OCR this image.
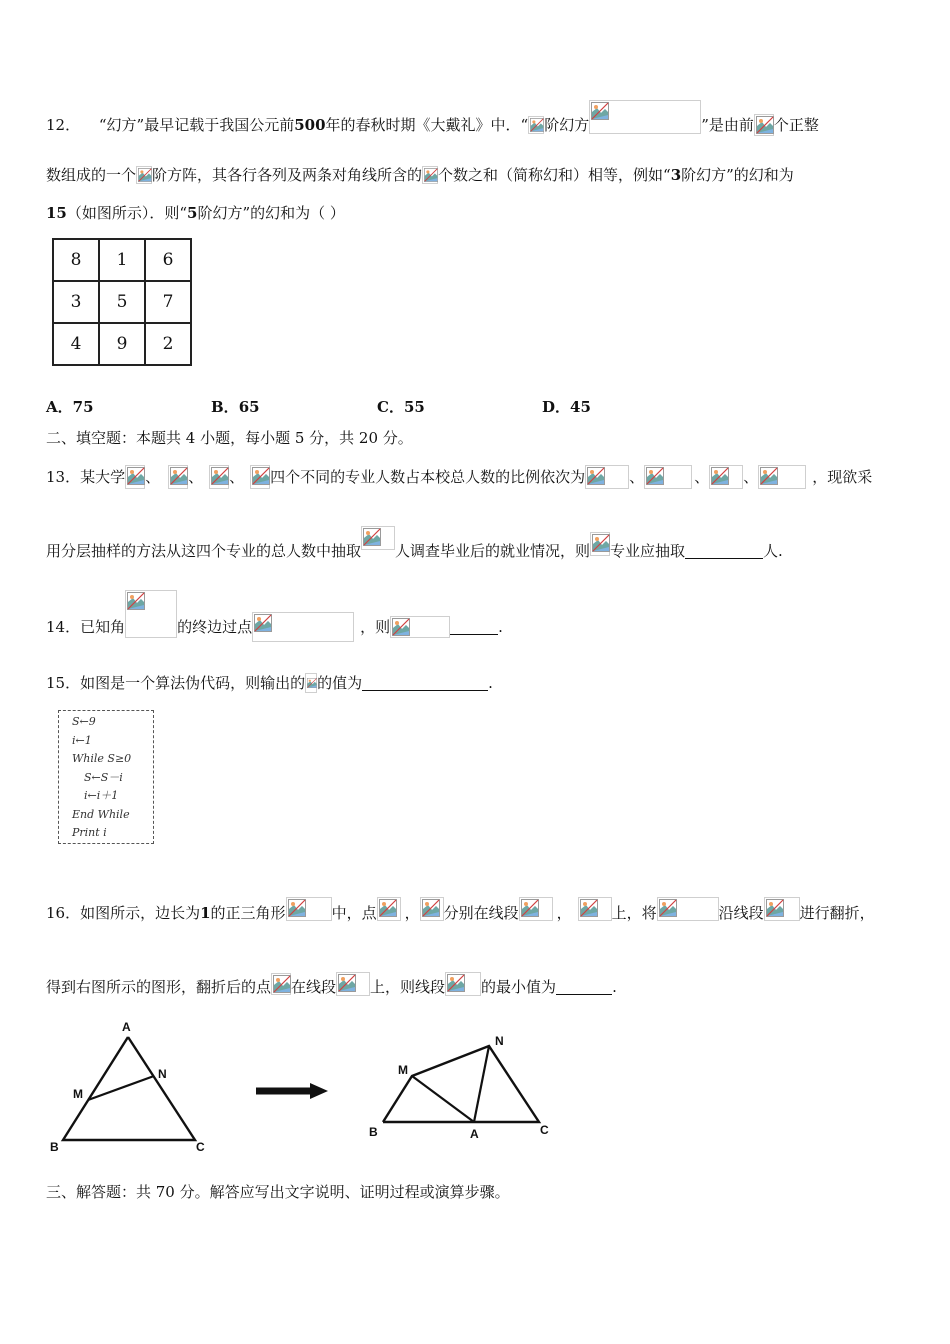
12． “幻方”最早记载于我国公元前500年的春秋时期《大戴礼》中．“ 阶幻方	”是由前 个正整
数组成的一个 阶方阵，其各行各列及两条对角线所含的 个数之和（简称幻和）相等，例如“3阶幻方”的幻和为
15（如图所示）．则“5阶幻方”的幻和为（ ）
8	1	6
3	5	7
4	9	2
A．75	B．65	C．55	D．45
二、填空题：本题共 4 小题，每小题 5 分，共 20 分。
13．某大学 、 、 、 四个不同的专业人数占本校总人数的比例依次为	、	、 、	，现欲采
用分层抽样的方法从这四个专业的总人数中抽取 人调查毕业后的就业情况，则 专业应抽取	人.
14．已知角	的终边过点	，则	.
15．如图是一个算法伪代码，则输出的 的值为	.
S←9
i←1
While S≥0
S←S－i
i←i＋1
End While
Print i
16．如图所示，边长为1的正三角形	中，点 ， 分别在线段	，	上，将	沿线段 进行翻折，
得到右图所示的图形，翻折后的点 在线段 上，则线段 的最小值为	.
A
B	C
M
N
N
M
B	A	C
三、解答题：共 70 分。解答应写出文字说明、证明过程或演算步骤。
